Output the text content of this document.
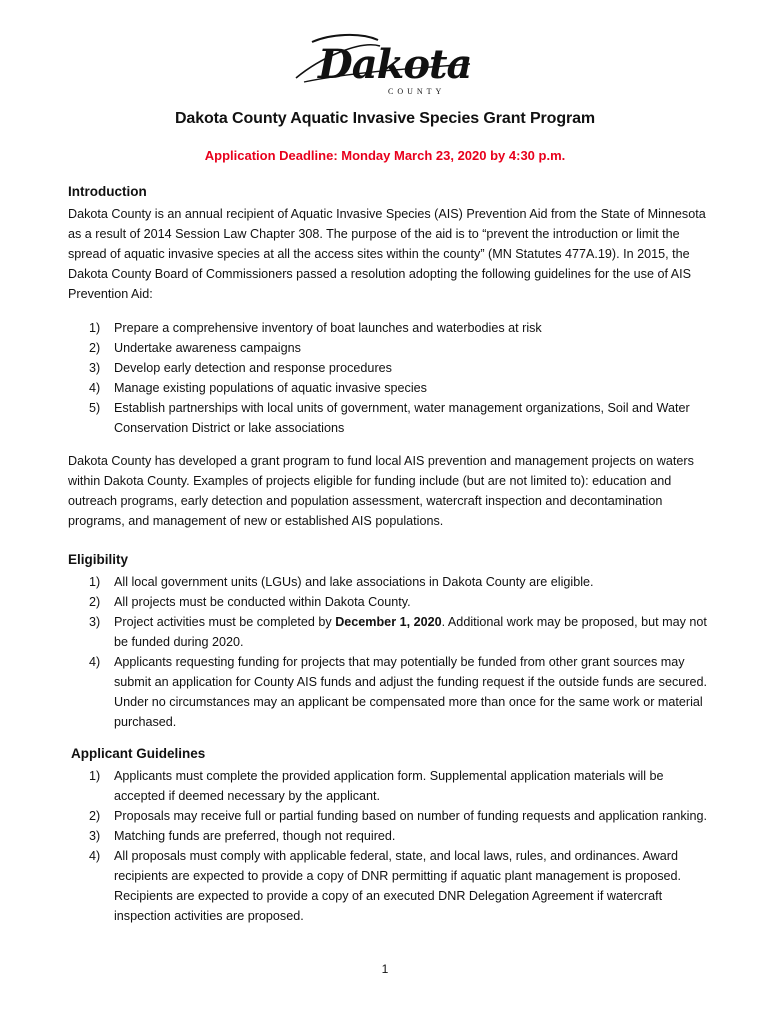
Dakota
COUNTY
Dakota County Aquatic Invasive Species Grant Program
Application Deadline: Monday March 23, 2020 by 4:30 p.m.
Introduction
Dakota County is an annual recipient of Aquatic Invasive Species (AIS) Prevention Aid from the State of Minnesota as a result of 2014 Session Law Chapter 308. The purpose of the aid is to “prevent the introduction or limit the spread of aquatic invasive species at all the access sites within the county” (MN Statutes 477A.19). In 2015, the Dakota County Board of Commissioners passed a resolution adopting the following guidelines for the use of AIS Prevention Aid:
1) Prepare a comprehensive inventory of boat launches and waterbodies at risk
2) Undertake awareness campaigns
3) Develop early detection and response procedures
4) Manage existing populations of aquatic invasive species
5) Establish partnerships with local units of government, water management organizations, Soil and Water Conservation District or lake associations
Dakota County has developed a grant program to fund local AIS prevention and management projects on waters within Dakota County. Examples of projects eligible for funding include (but are not limited to): education and outreach programs, early detection and population assessment, watercraft inspection and decontamination programs, and management of new or established AIS populations.
Eligibility
1) All local government units (LGUs) and lake associations in Dakota County are eligible.
2) All projects must be conducted within Dakota County.
3) Project activities must be completed by December 1, 2020. Additional work may be proposed, but may not be funded during 2020.
4) Applicants requesting funding for projects that may potentially be funded from other grant sources may submit an application for County AIS funds and adjust the funding request if the outside funds are secured. Under no circumstances may an applicant be compensated more than once for the same work or material purchased.
Applicant Guidelines
1) Applicants must complete the provided application form. Supplemental application materials will be accepted if deemed necessary by the applicant.
2) Proposals may receive full or partial funding based on number of funding requests and application ranking.
3) Matching funds are preferred, though not required.
4) All proposals must comply with applicable federal, state, and local laws, rules, and ordinances. Award recipients are expected to provide a copy of DNR permitting if aquatic plant management is proposed. Recipients are expected to provide a copy of an executed DNR Delegation Agreement if watercraft inspection activities are proposed.
1
